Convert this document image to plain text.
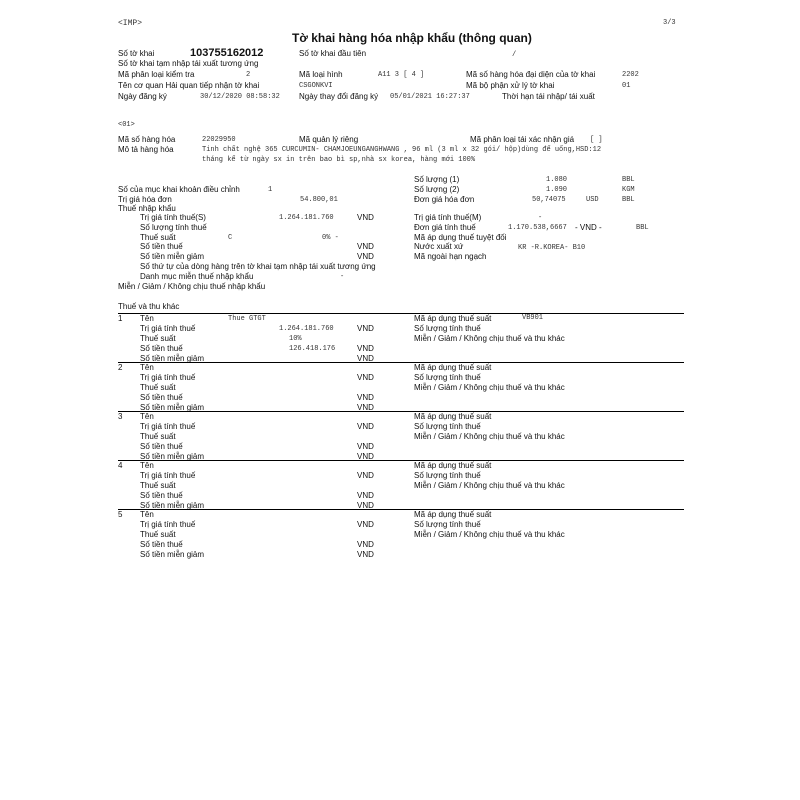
<IMP>	3/3
Tờ khai hàng hóa nhập khẩu (thông quan)
Số tờ khai	103755162012	Số tờ khai đầu tiên	/
Số tờ khai tạm nhập tái xuất tương ứng
Mã phân loại kiểm tra	2	Mã loại hình	A11 3 [ 4 ]	Mã số hàng hóa đại diện của tờ khai	2202
Tên cơ quan Hải quan tiếp nhận tờ khai	CSGONKVI	Mã bộ phận xử lý tờ khai	01
Ngày đăng ký	30/12/2020 08:58:32 Ngày thay đổi đăng ký 05/01/2021 16:27:37	Thời hạn tái nhập/ tái xuất
<01>
Mã số hàng hóa	22029950	Mã quản lý riêng	Mã phân loại tái xác nhận giá [ ]
Mô tả hàng hóa	Tinh chất nghệ 365 CURCUMIN- CHAMJOEUNGANGHWANG , 96 ml (3 ml x 32 gói/ hộp)dùng để uống,HSD:12
tháng kể từ ngày sx in trên bao bì sp,nhà sx korea, hàng mới 100%
Số lượng (1)	1.080	BBL
Số của mục khai khoản điều chỉnh	1	Số lượng (2)	1.090	KGM
Trị giá hóa đơn	54.800,01	Đơn giá hóa đơn	50,74075	USD	BBL
Thuế nhập khẩu
Trị giá tính thuế(S)	1.264.181.760	VND	Trị giá tính thuế(M)	-
Số lượng tính thuế	Đơn giá tính thuế	1.170.538,6667 - VND -	BBL
Thuế suất	C	0% -	Mã áp dụng thuế tuyệt đối
Số tiền thuế	VND	Nước xuất xứ	KR -R.KOREA- B10
Số tiền miễn giảm	VND	Mã ngoài hạn ngạch
Số thứ tự của dòng hàng trên tờ khai tạm nhập tái xuất tương ứng
Danh mục miễn thuế nhập khẩu	-
Miễn / Giảm / Không chịu thuế nhập khẩu
Thuế và thu khác
1 Tên	Thue GTGT
Trị giá tính thuế	1.264.181.760	VND
Thuế suất	10%
Số tiền thuế	126.418.176	VND
Số tiền miễn giảm	VND
Mã áp dụng thuế suất	VB901
Số lượng tính thuế
Miễn / Giảm / Không chịu thuế và thu khác
2 Tên
Trị giá tính thuế	VND
Thuế suất
Số tiền thuế	VND
Số tiền miễn giảm	VND
Mã áp dụng thuế suất
Số lượng tính thuế
Miễn / Giảm / Không chịu thuế và thu khác
3 Tên
Trị giá tính thuế	VND
Thuế suất
Số tiền thuế	VND
Số tiền miễn giảm	VND
Mã áp dụng thuế suất
Số lượng tính thuế
Miễn / Giảm / Không chịu thuế và thu khác
4 Tên
Trị giá tính thuế	VND
Thuế suất
Số tiền thuế	VND
Số tiền miễn giảm	VND
Mã áp dụng thuế suất
Số lượng tính thuế
Miễn / Giảm / Không chịu thuế và thu khác
5 Tên
Trị giá tính thuế	VND
Thuế suất
Số tiền thuế	VND
Số tiền miễn giảm	VND
Mã áp dụng thuế suất
Số lượng tính thuế
Miễn / Giảm / Không chịu thuế và thu khác
